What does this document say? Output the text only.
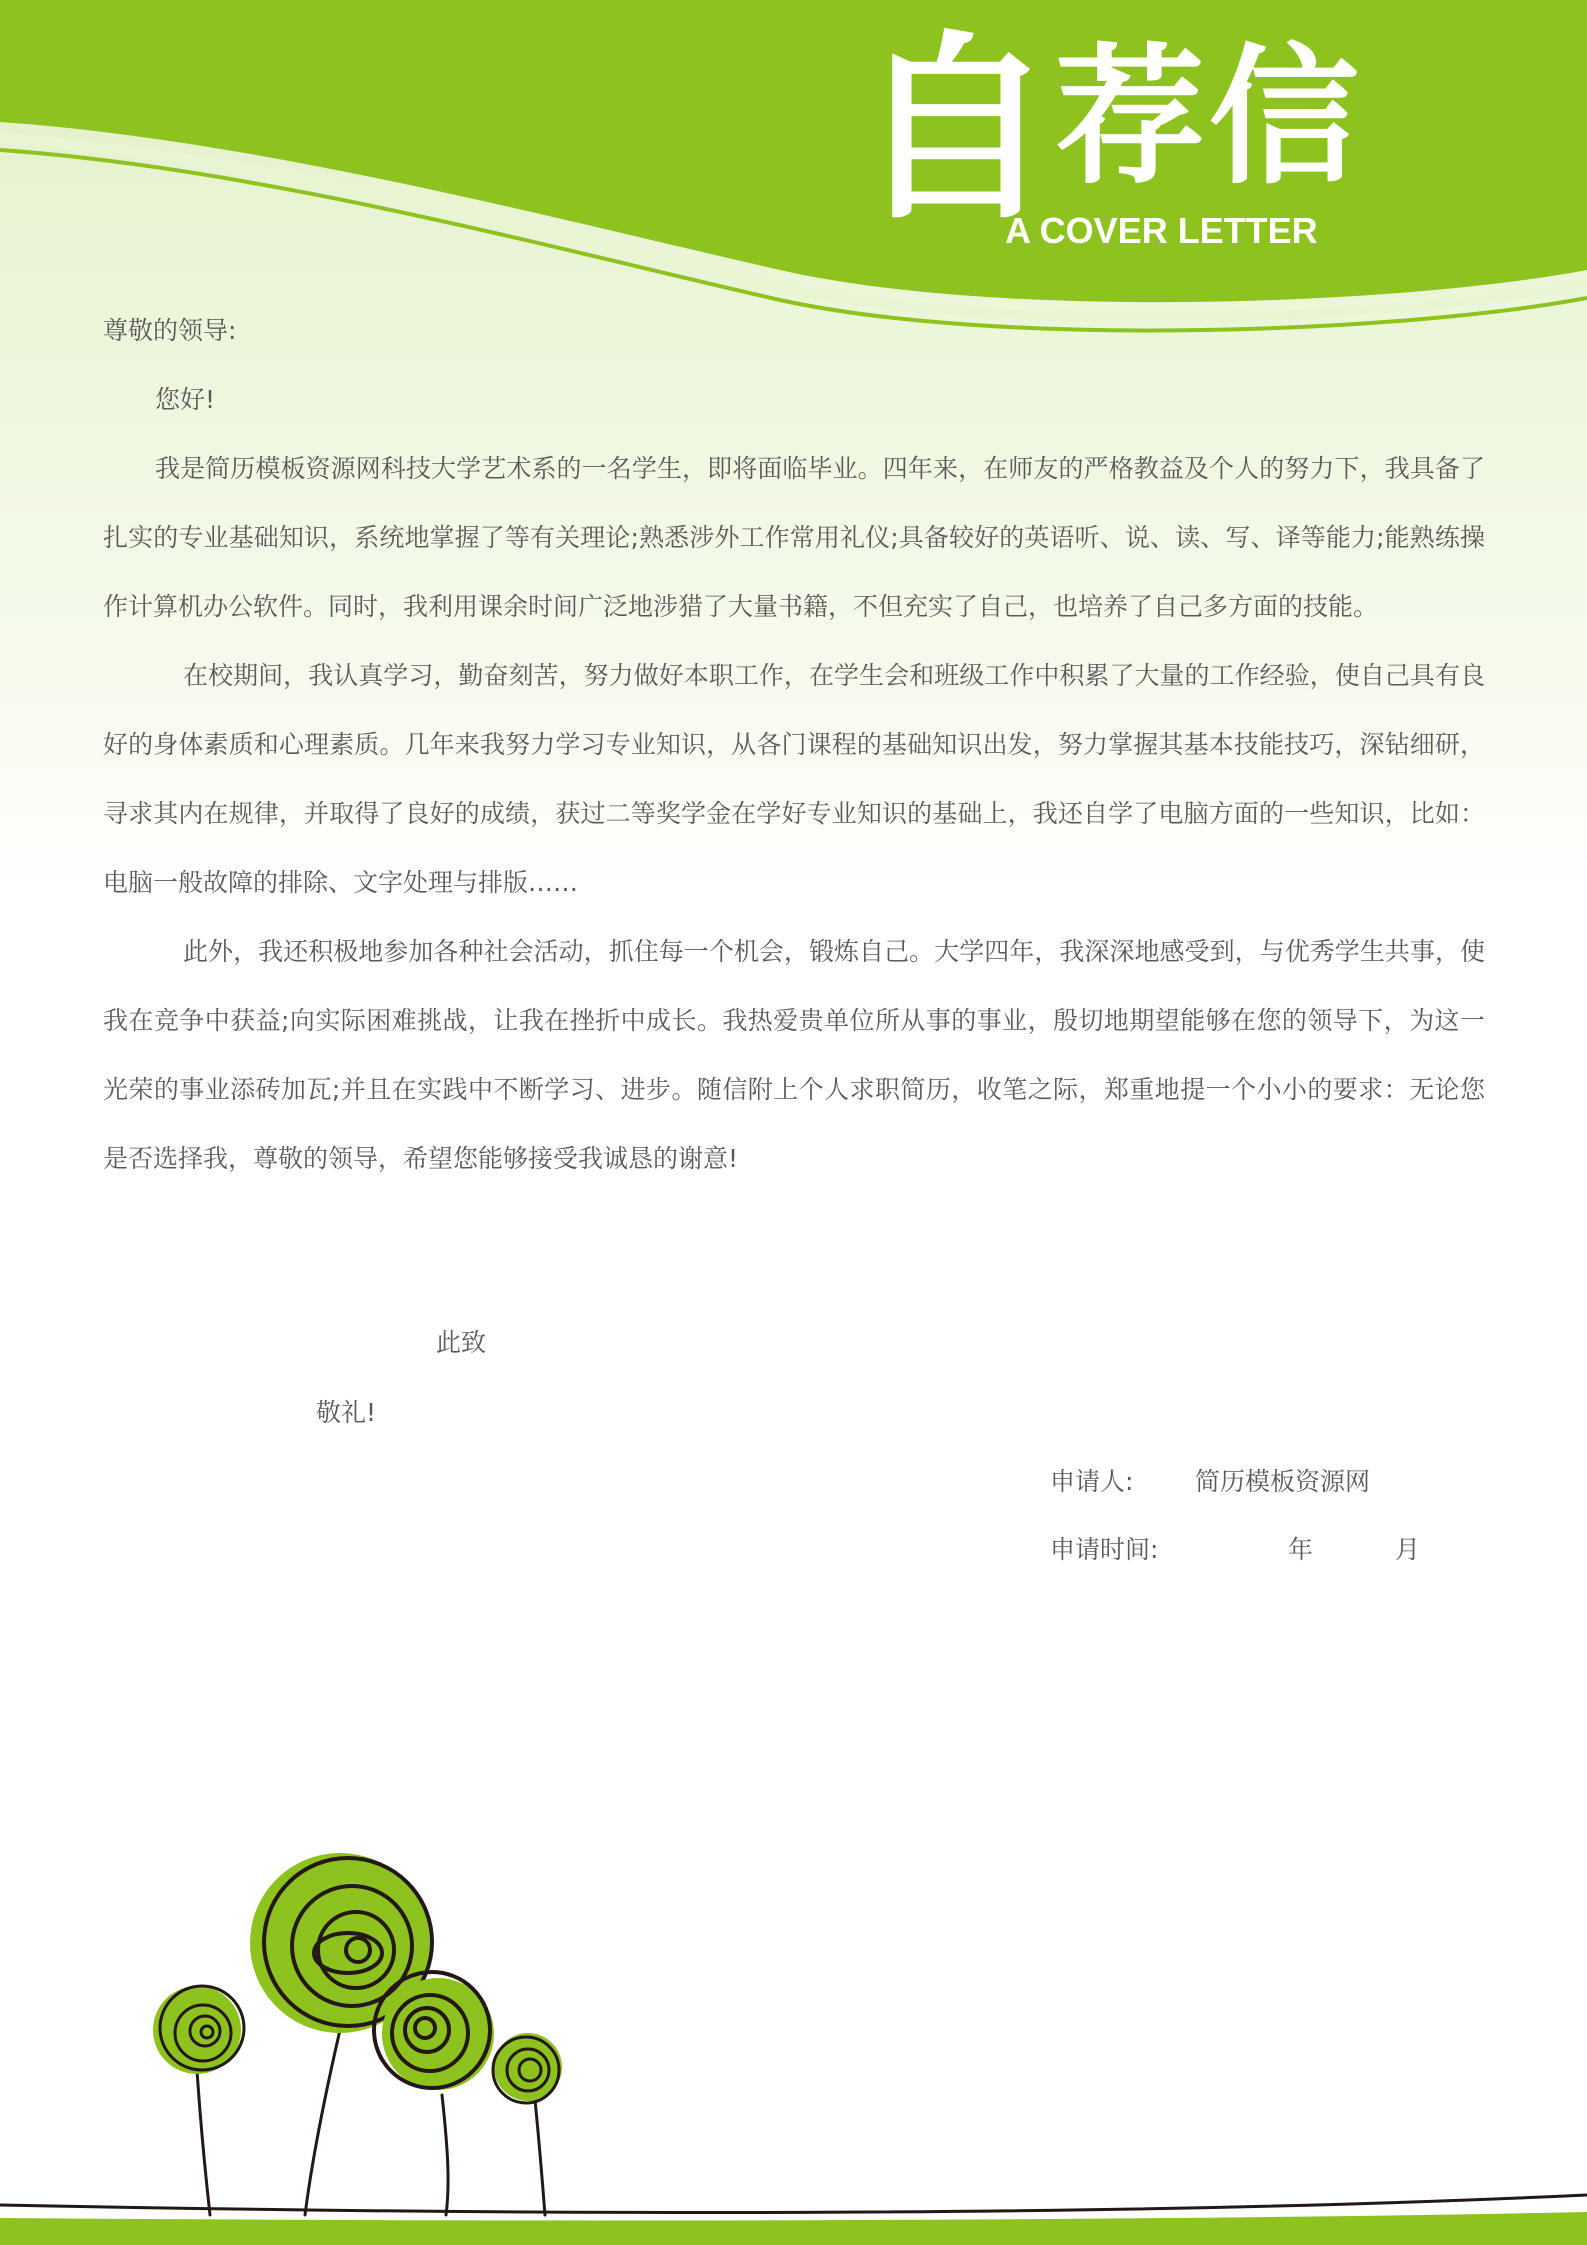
自荐信
A COVER LETTER

尊敬的领导:

您好!

我是简历模板资源网科技大学艺术系的一名学生，即将面临毕业。四年来，在师友的严格教益及个人的努力下，我具备了扎实的专业基础知识，系统地掌握了等有关理论;熟悉涉外工作常用礼仪;具备较好的英语听、说、读、写、译等能力;能熟练操作计算机办公软件。同时，我利用课余时间广泛地涉猎了大量书籍，不但充实了自己，也培养了自己多方面的技能。

在校期间，我认真学习，勤奋刻苦，努力做好本职工作，在学生会和班级工作中积累了大量的工作经验，使自己具有良好的身体素质和心理素质。几年来我努力学习专业知识，从各门课程的基础知识出发，努力掌握其基本技能技巧，深钻细研，寻求其内在规律，并取得了良好的成绩，获过二等奖学金在学好专业知识的基础上，我还自学了电脑方面的一些知识，比如：电脑一般故障的排除、文字处理与排版……

此外，我还积极地参加各种社会活动，抓住每一个机会，锻炼自己。大学四年，我深深地感受到，与优秀学生共事，使我在竞争中获益;向实际困难挑战，让我在挫折中成长。我热爱贵单位所从事的事业，殷切地期望能够在您的领导下，为这一光荣的事业添砖加瓦;并且在实践中不断学习、进步。随信附上个人求职简历，收笔之际，郑重地提一个小小的要求：无论您是否选择我，尊敬的领导，希望您能够接受我诚恳的谢意!

此致
敬礼!
申请人: 简历模板资源网
申请时间:	年	月
